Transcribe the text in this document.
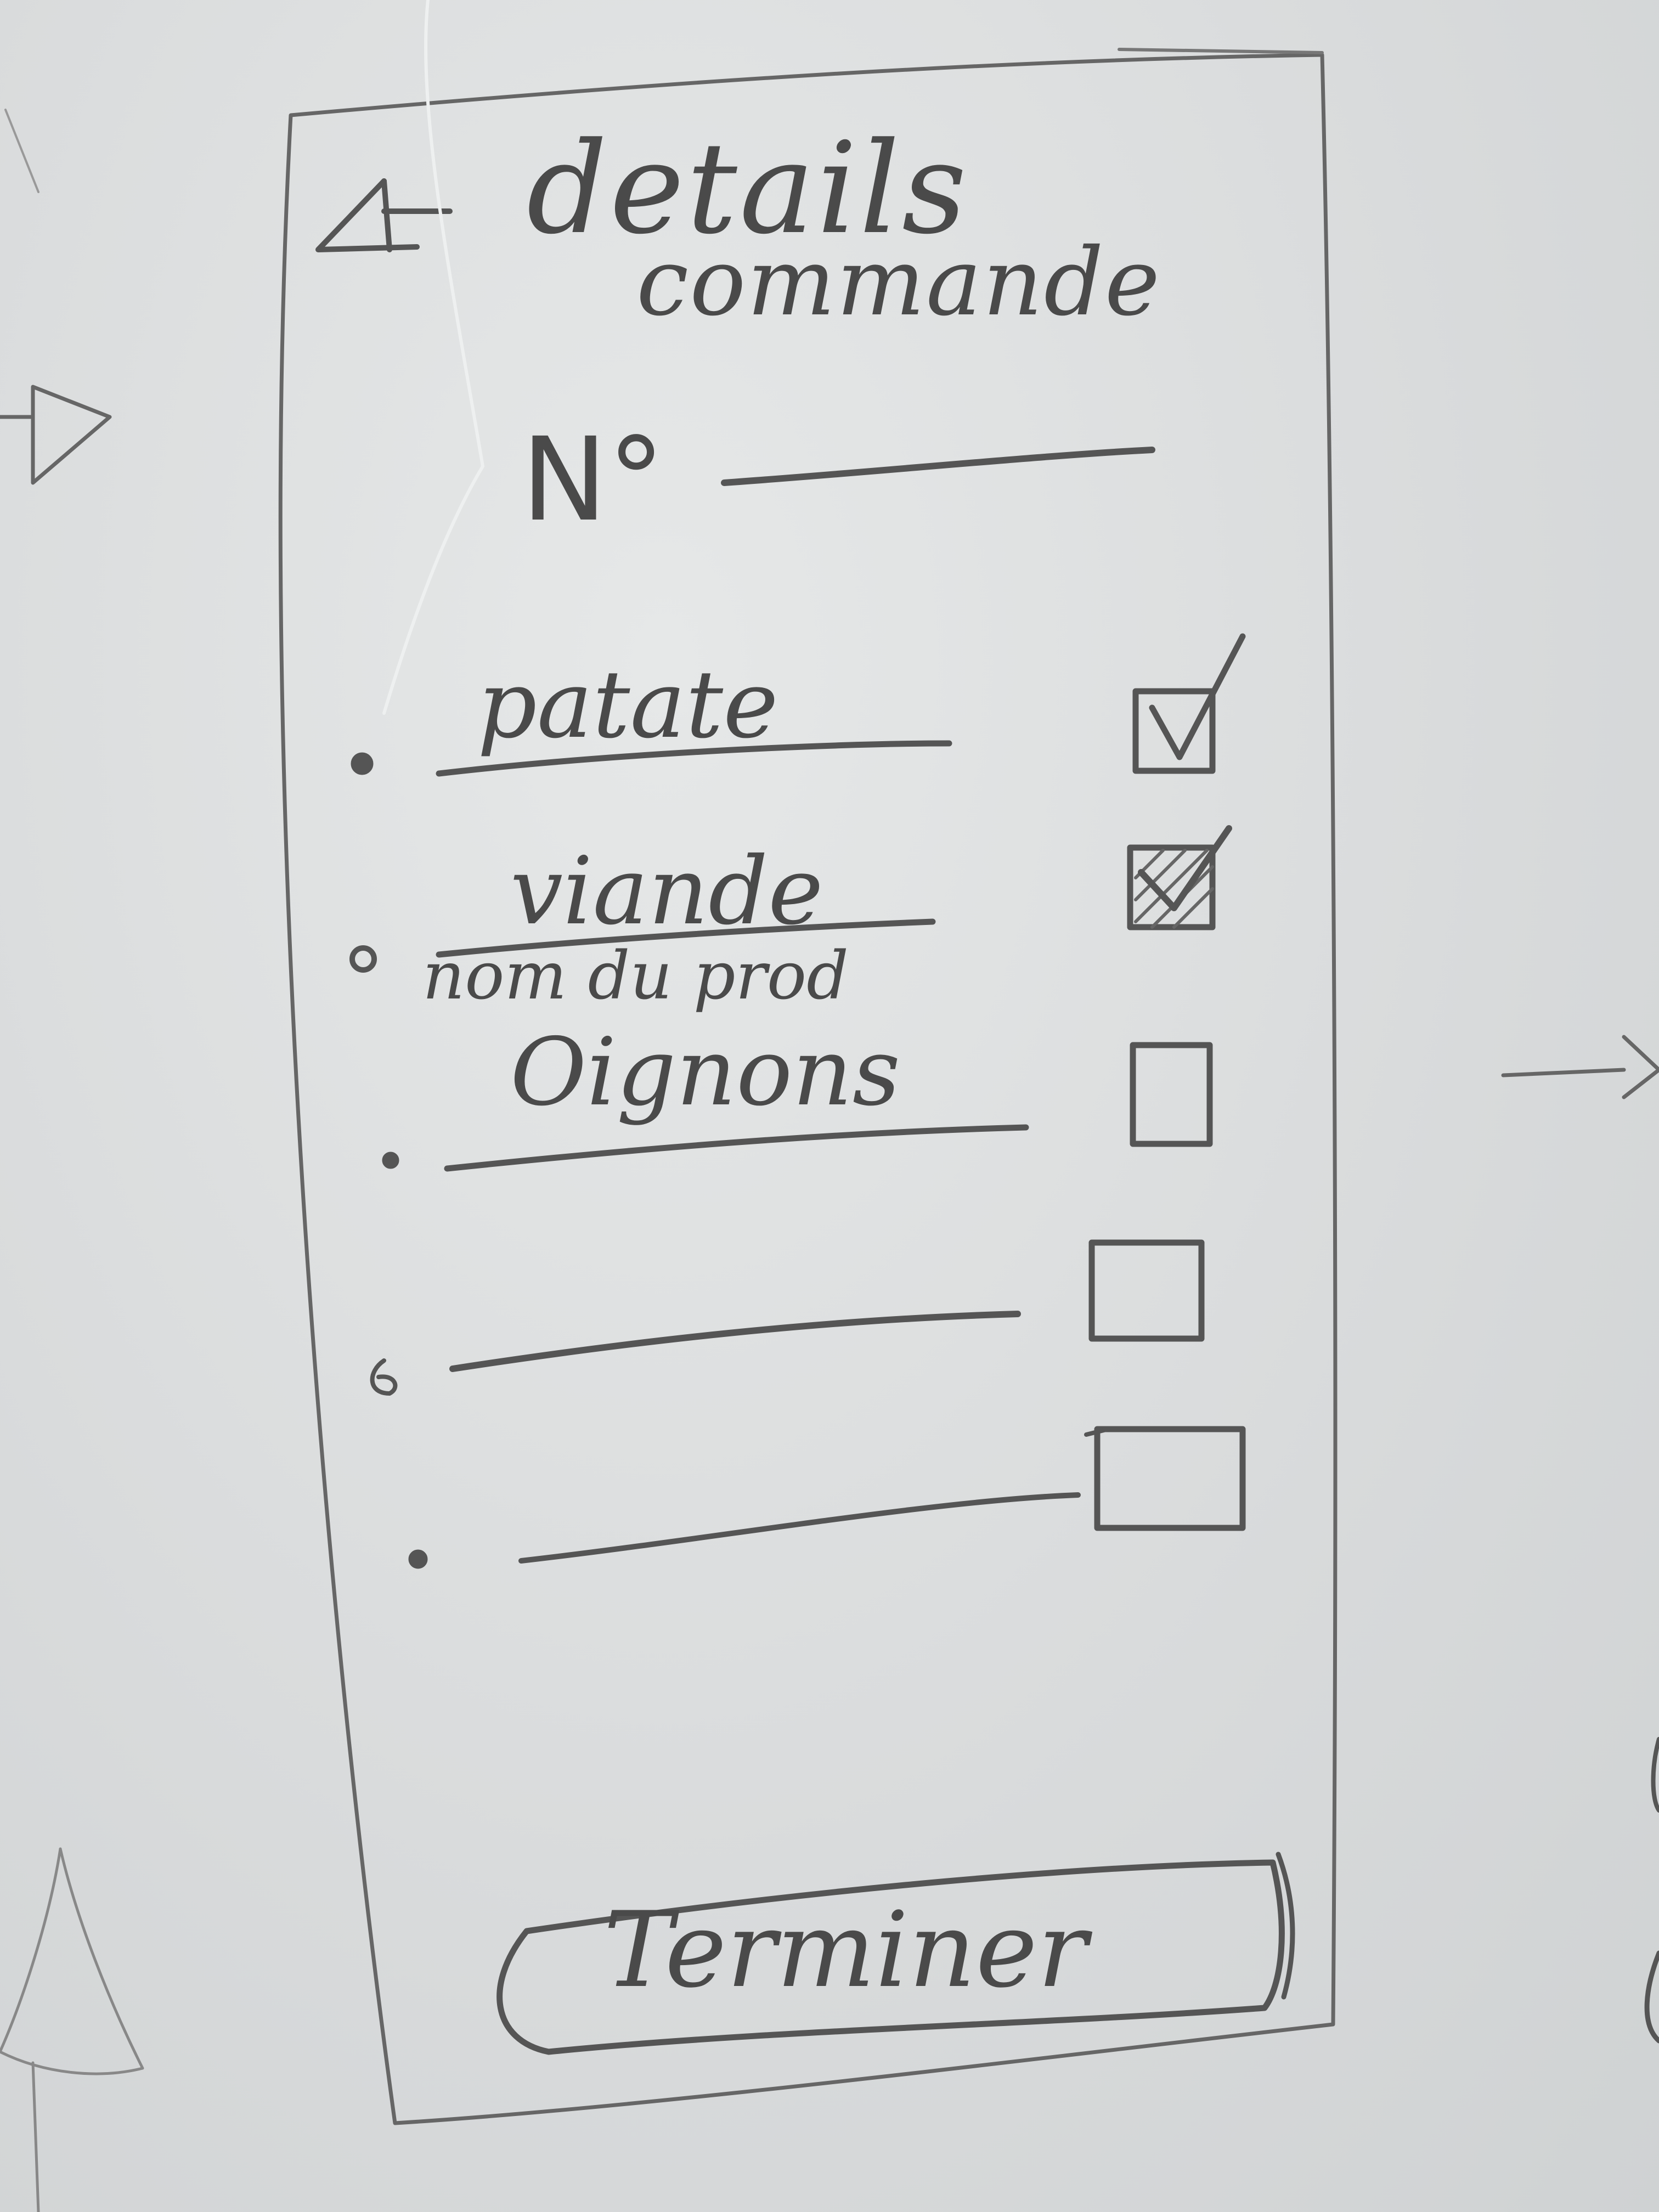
details
commande
N°
patate
viande
nom du prod
Oignons
Terminer
